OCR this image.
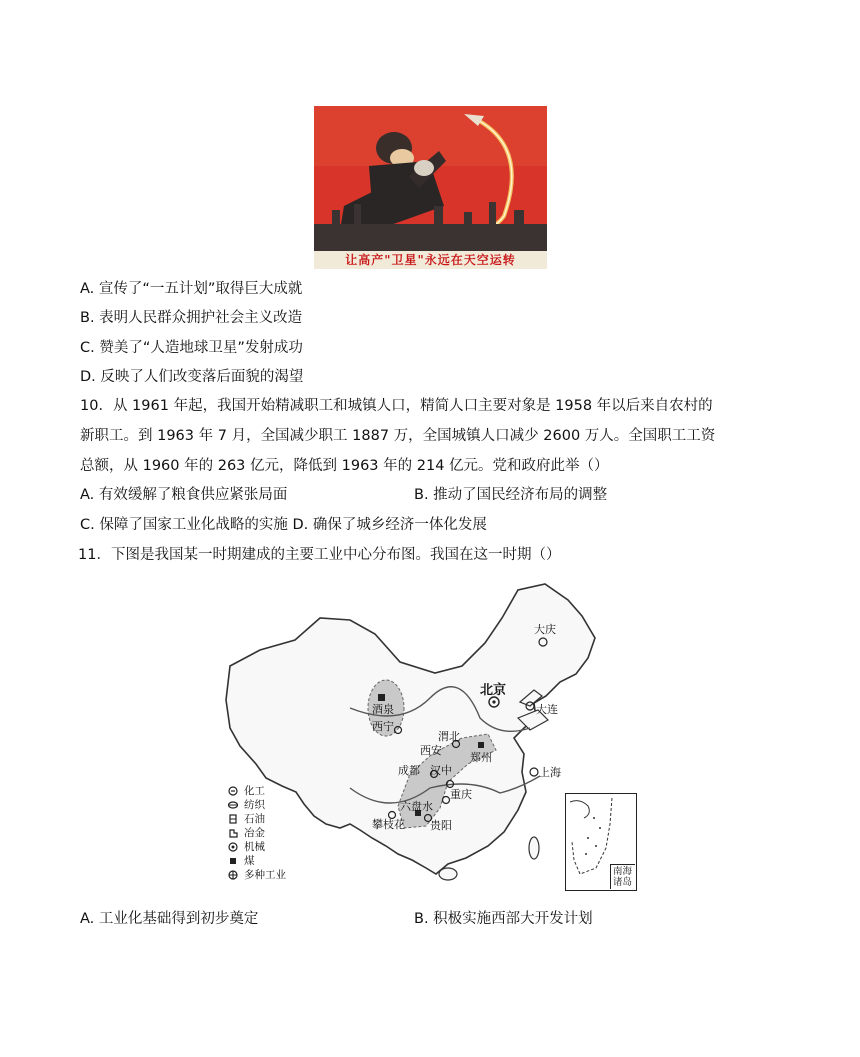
让高产"卫星"永远在天空运转
A. 宣传了“一五计划”取得巨大成就
B. 表明人民群众拥护社会主义改造
C. 赞美了“人造地球卫星”发射成功
D. 反映了人们改变落后面貌的渴望
10．从 1961 年起，我国开始精减职工和城镇人口，精简人口主要对象是 1958 年以后来自农村的
新职工。到 1963 年 7 月，全国减少职工 1887 万，全国城镇人口减少 2600 万人。全国职工工资
总额，从 1960 年的 263 亿元，降低到 1963 年的 214 亿元。党和政府此举（）
A. 有效缓解了粮食供应紧张局面	B. 推动了国民经济布局的调整
C. 保障了国家工业化战略的实施 D. 确保了城乡经济一体化发展
11．下图是我国某一时期建成的主要工业中心分布图。我国在这一时期（）
大庆
北京
大连
酒泉
西宁
渭北
西安
郑州
成都 汉中	上海
重庆
六盘水
攀枝花 贵阳
化工
纺织
石油
冶金
机械
煤
多种工业	南海诸岛
A. 工业化基础得到初步奠定	B. 积极实施西部大开发计划
